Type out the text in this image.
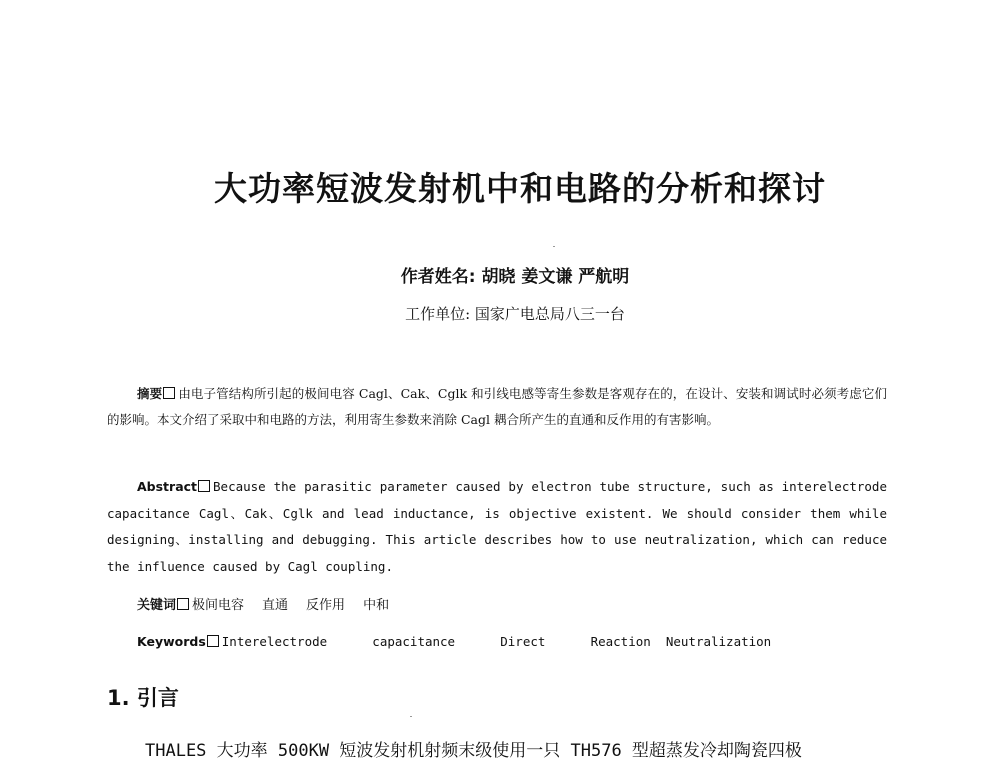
大功率短波发射机中和电路的分析和探讨
作者姓名: 胡晓 姜文谦 严航明
工作单位: 国家广电总局八三一台

摘要 由电子管结构所引起的极间电容 Cagl、Cak、Cglk 和引线电感等寄生参数是客观存在的，在设计、安装和调试时必须考虑它们的影响。本文介绍了采取中和电路的方法，利用寄生参数来消除 Cagl 耦合所产生的直通和反作用的有害影响。

Abstract Because the parasitic parameter caused by electron tube structure, such as interelectrode capacitance Cagl、Cak、Cglk and lead inductance, is objective existent. We should consider them while designing、installing and debugging. This article describes how to use neutralization, which can reduce the influence caused by Cagl coupling.

关键词 极间电容 直通 反作用 中和
Keywords Interelectrode	capacitance	Direct	Reaction Neutralization
1. 引言
THALES 大功率 500KW 短波发射机射频末级使用一只 TH576 型超蒸发冷却陶瓷四极
